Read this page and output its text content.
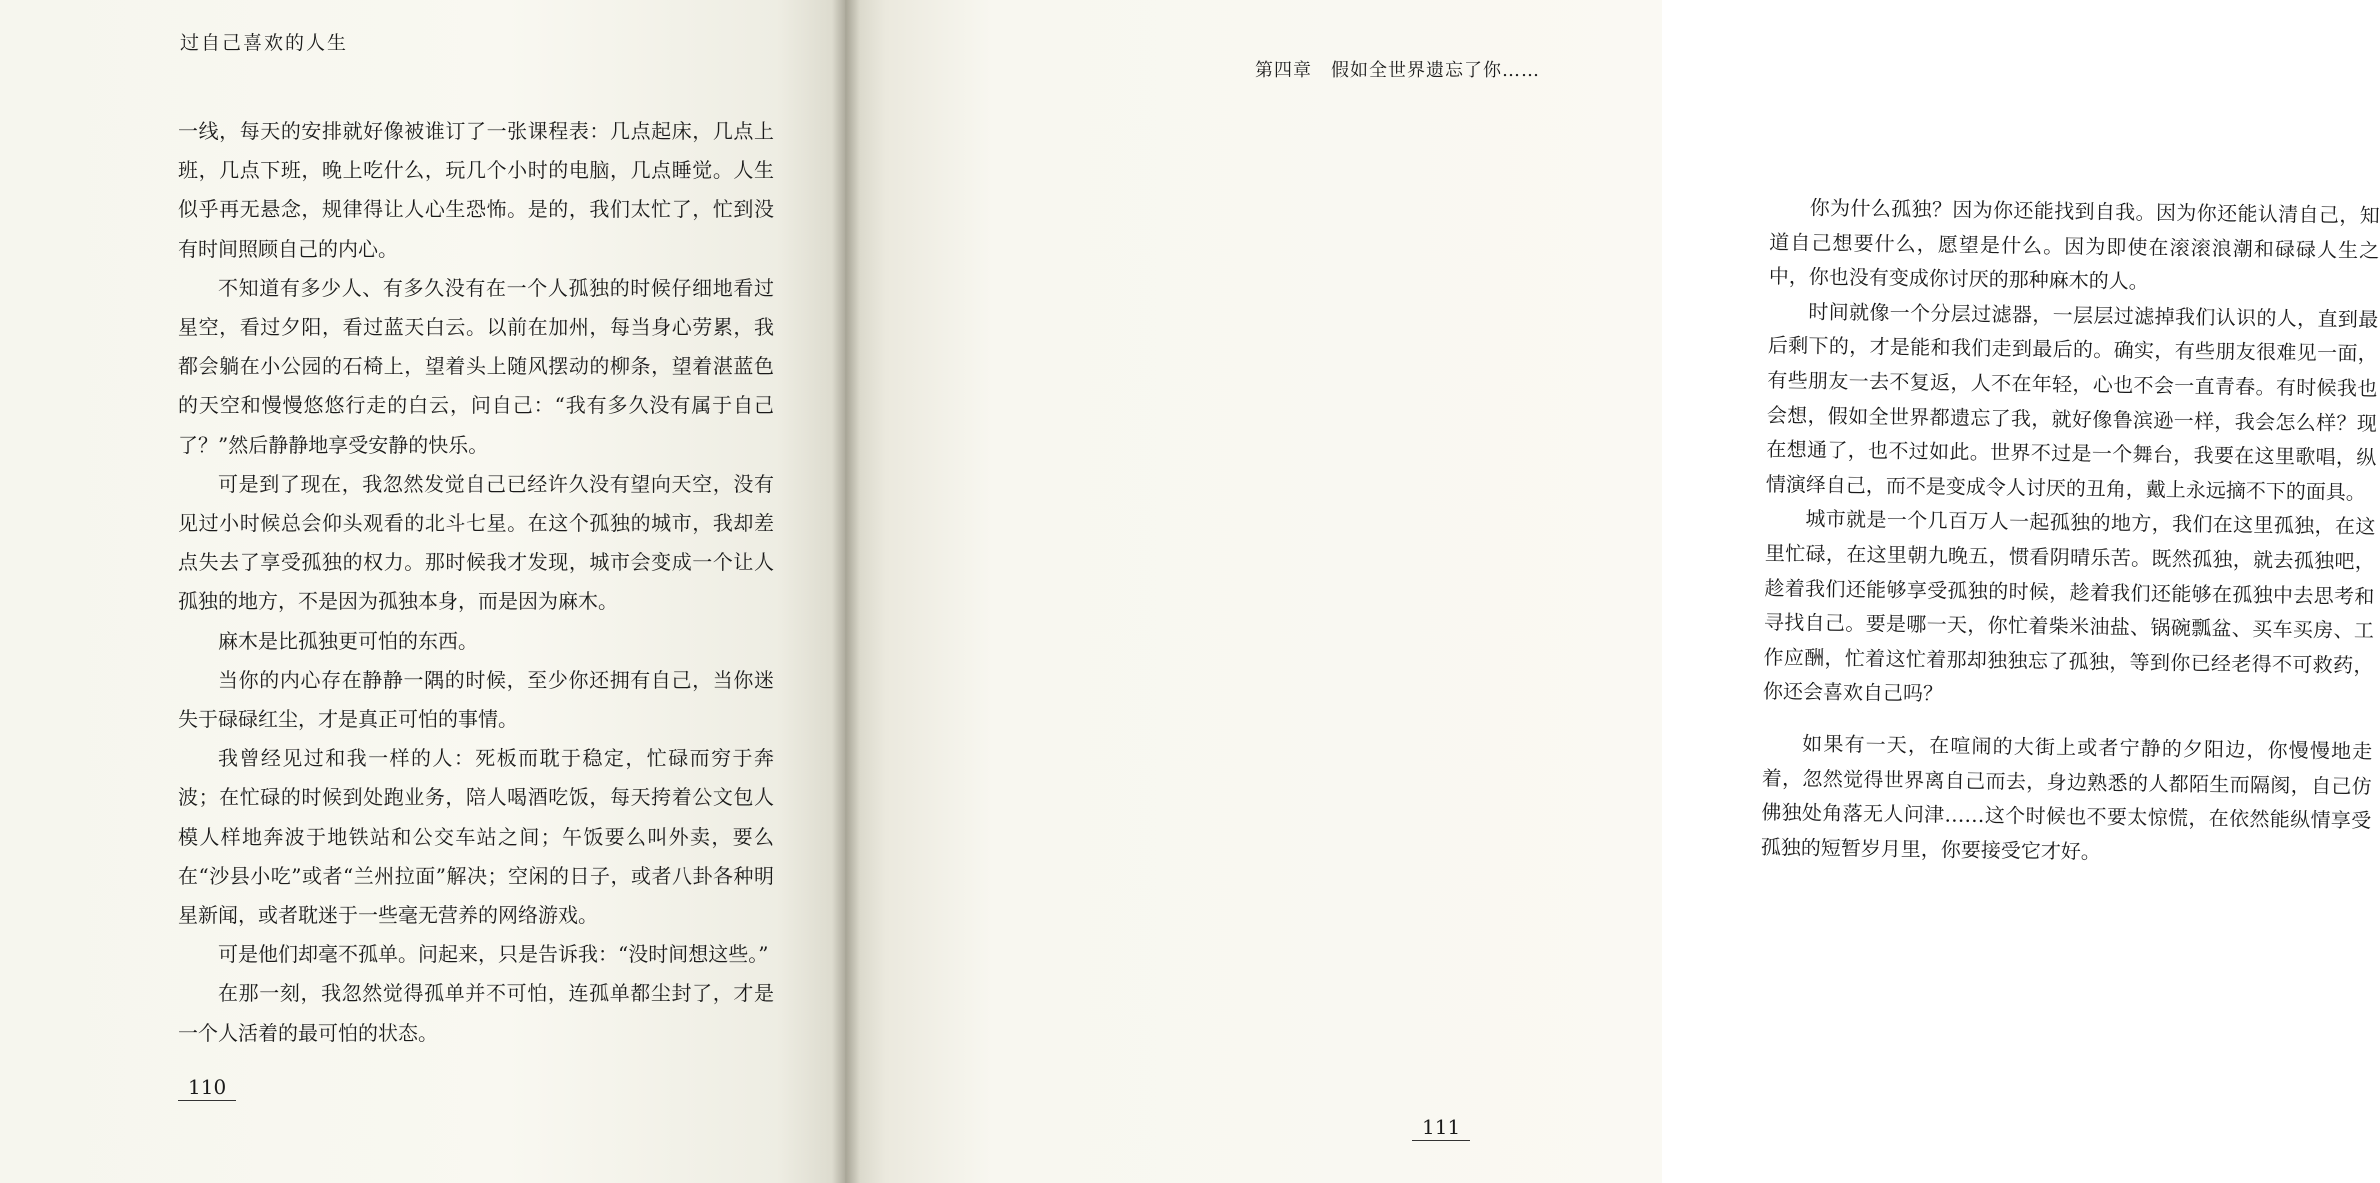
过自己喜欢的人生

一线，每天的安排就好像被谁订了一张课程表：几点起床，几点上班，几点下班，晚上吃什么，玩几个小时的电脑，几点睡觉。人生似乎再无悬念，规律得让人心生恐怖。是的，我们太忙了，忙到没有时间照顾自己的内心。

不知道有多少人、有多久没有在一个人孤独的时候仔细地看过星空，看过夕阳，看过蓝天白云。以前在加州，每当身心劳累，我都会躺在小公园的石椅上，望着头上随风摆动的柳条，望着湛蓝色的天空和慢慢悠悠行走的白云，问自己：“我有多久没有属于自己了？”然后静静地享受安静的快乐。

可是到了现在，我忽然发觉自己已经许久没有望向天空，没有见过小时候总会仰头观看的北斗七星。在这个孤独的城市，我却差点失去了享受孤独的权力。那时候我才发现，城市会变成一个让人孤独的地方，不是因为孤独本身，而是因为麻木。

麻木是比孤独更可怕的东西。

当你的内心存在静静一隅的时候，至少你还拥有自己，当你迷失于碌碌红尘，才是真正可怕的事情。

我曾经见过和我一样的人：死板而耽于稳定，忙碌而穷于奔波；在忙碌的时候到处跑业务，陪人喝酒吃饭，每天挎着公文包人模人样地奔波于地铁站和公交车站之间；午饭要么叫外卖，要么在“沙县小吃”或者“兰州拉面”解决；空闲的日子，或者八卦各种明星新闻，或者耽迷于一些毫无营养的网络游戏。

可是他们却毫不孤单。问起来，只是告诉我：“没时间想这些。”

在那一刻，我忽然觉得孤单并不可怕，连孤单都尘封了，才是一个人活着的最可怕的状态。

110

你为什么孤独？因为你还能找到自我。因为你还能认清自己，知道自己想要什么，愿望是什么。因为即使在滚滚浪潮和碌碌人生之中，你也没有变成你讨厌的那种麻木的人。

时间就像一个分层过滤器，一层层过滤掉我们认识的人，直到最后剩下的，才是能和我们走到最后的。确实，有些朋友很难见一面，有些朋友一去不复返，人不在年轻，心也不会一直青春。有时候我也会想，假如全世界都遗忘了我，就好像鲁滨逊一样，我会怎么样？现在想通了，也不过如此。世界不过是一个舞台，我要在这里歌唱，纵情演绎自己，而不是变成令人讨厌的丑角，戴上永远摘不下的面具。

城市就是一个几百万人一起孤独的地方，我们在这里孤独，在这里忙碌，在这里朝九晚五，惯看阴晴乐苦。既然孤独，就去孤独吧，趁着我们还能够享受孤独的时候，趁着我们还能够在孤独中去思考和寻找自己。要是哪一天，你忙着柴米油盐、锅碗瓢盆、买车买房、工作应酬，忙着这忙着那却独独忘了孤独，等到你已经老得不可救药，你还会喜欢自己吗？

如果有一天，在喧闹的大街上或者宁静的夕阳边，你慢慢地走着，忽然觉得世界离自己而去，身边熟悉的人都陌生而隔阂，自己仿佛独处角落无人问津……这个时候也不要太惊慌，在依然能纵情享受孤独的短暂岁月里，你要接受它才好。

第四章　假如全世界遗忘了你……
111
